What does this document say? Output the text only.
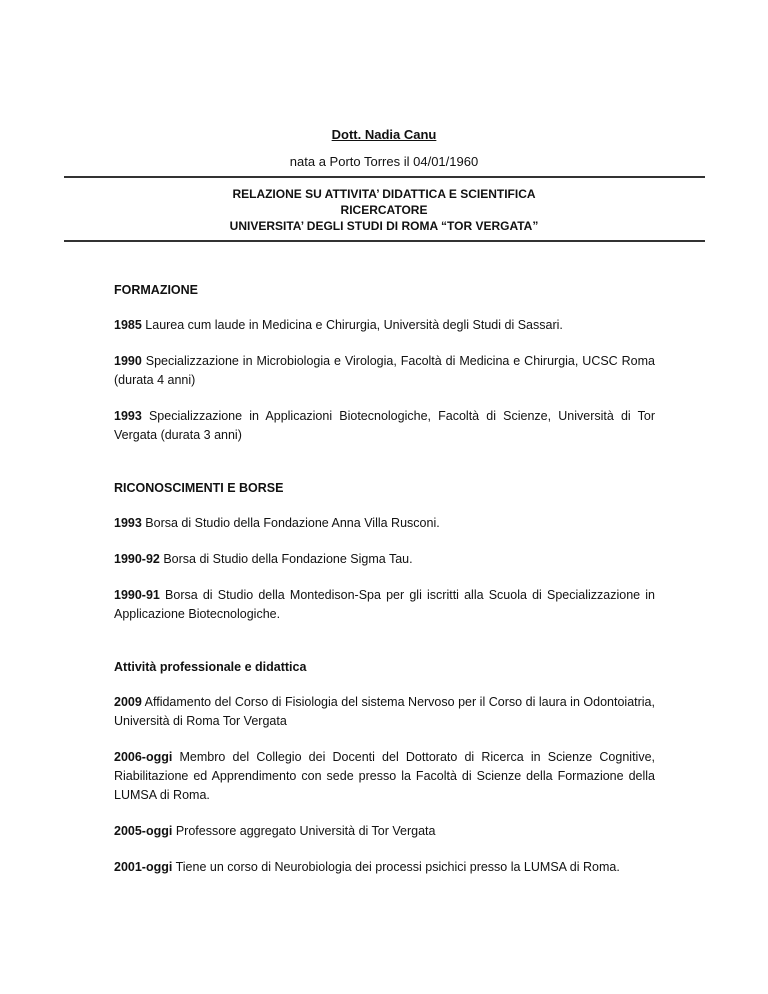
Dott. Nadia Canu
nata a Porto Torres il 04/01/1960
RELAZIONE SU ATTIVITA’ DIDATTICA E SCIENTIFICA
RICERCATORE
UNIVERSITA’ DEGLI STUDI DI ROMA “TOR VERGATA”
FORMAZIONE

1985 Laurea cum laude in Medicina e Chirurgia, Università degli Studi di Sassari.

1990 Specializzazione in Microbiologia e Virologia, Facoltà di Medicina e Chirurgia, UCSC Roma (durata 4 anni)

1993 Specializzazione in Applicazioni Biotecnologiche, Facoltà di Scienze, Università di Tor Vergata (durata 3 anni)

RICONOSCIMENTI E BORSE

1993 Borsa di Studio della Fondazione Anna Villa Rusconi.

1990-92 Borsa di Studio della Fondazione Sigma Tau.

1990-91 Borsa di Studio della Montedison-Spa per gli iscritti alla Scuola di Specializzazione in Applicazione Biotecnologiche.

Attività professionale e didattica

2009 Affidamento del Corso di Fisiologia del sistema Nervoso per il Corso di laura in Odontoiatria, Università di Roma Tor Vergata

2006-oggi Membro del Collegio dei Docenti del Dottorato di Ricerca in Scienze Cognitive, Riabilitazione ed Apprendimento con sede presso la Facoltà di Scienze della Formazione della LUMSA di Roma.

2005-oggi Professore aggregato Università di Tor Vergata

2001-oggi Tiene un corso di Neurobiologia dei processi psichici presso la LUMSA di Roma.
